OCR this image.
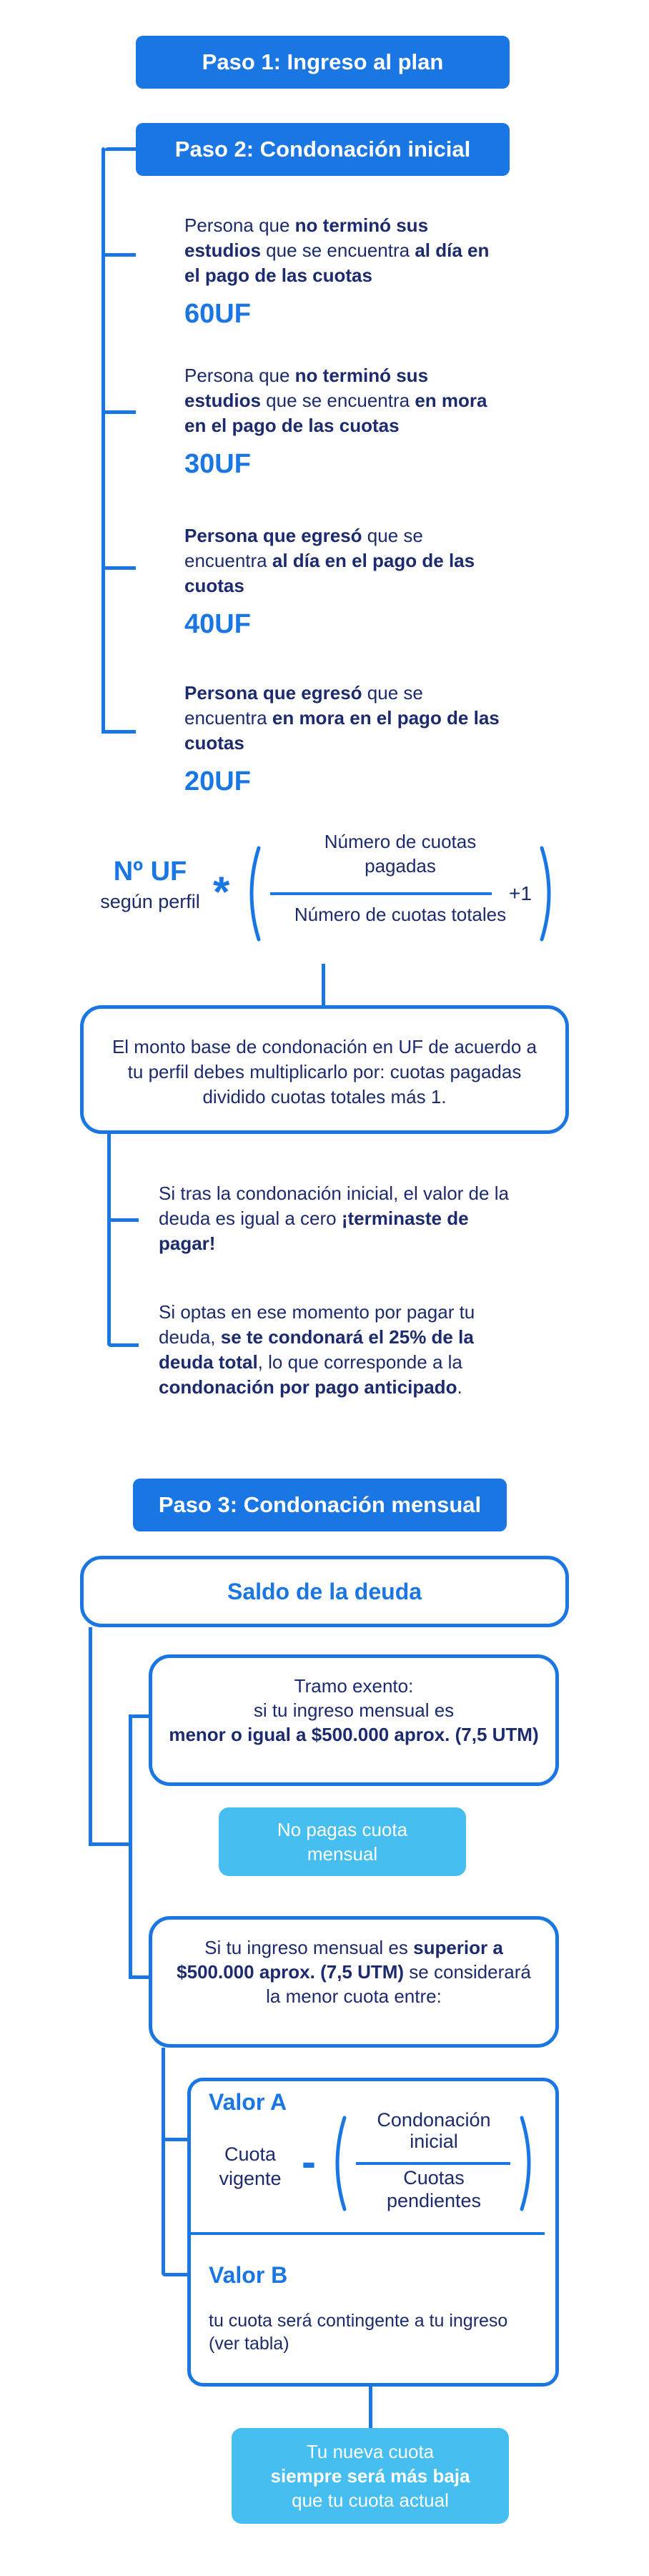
Paso 1: Ingreso al plan
Paso 2: Condonación inicial
Persona que no terminó sus estudios que se encuentra al día en el pago de las cuotas
60UF
Persona que no terminó sus estudios que se encuentra en mora en el pago de las cuotas
30UF
Persona que egresó que se encuentra al día en el pago de las cuotas
40UF
Persona que egresó que se encuentra en mora en el pago de las cuotas
20UF
Nº UF
según perfil *
Número de cuotas pagadas
Número de cuotas totales
+1
El monto base de condonación en UF de acuerdo a tu perfil debes multiplicarlo por: cuotas pagadas dividido cuotas totales más 1.
Si tras la condonación inicial, el valor de la deuda es igual a cero ¡terminaste de pagar!
Si optas en ese momento por pagar tu deuda, se te condonará el 25% de la deuda total, lo que corresponde a la condonación por pago anticipado.
Paso 3: Condonación mensual
Saldo de la deuda
Tramo exento:
si tu ingreso mensual es
menor o igual a $500.000 aprox. (7,5 UTM)
No pagas cuota mensual
Si tu ingreso mensual es superior a $500.000 aprox. (7,5 UTM) se considerará la menor cuota entre:
Valor A
Cuota vigente -
Condonación inicial
Cuotas pendientes
Valor B
tu cuota será contingente a tu ingreso (ver tabla)
Tu nueva cuota
siempre será más baja
que tu cuota actual
